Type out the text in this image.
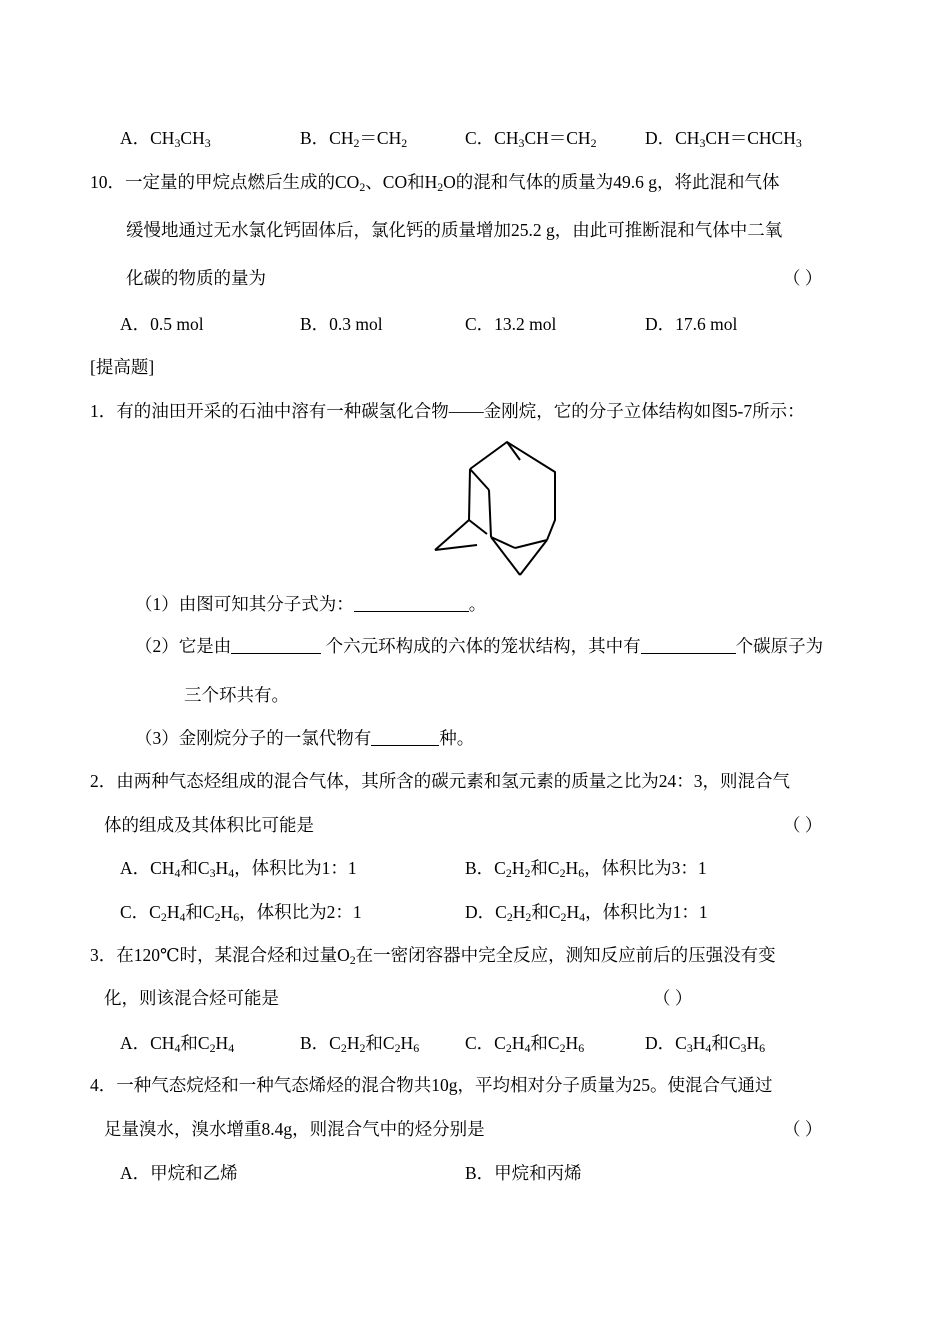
A．$CH_3CH_3$	B．$CH_2=CH_2$	C．$CH_3CH=CH_2$	D．$CH_3CH=CHCH_3$
10．一定量的甲烷点燃后生成的$CO_2$、CO和$H_2O$的混和气体的质量为49.6 g，将此混和气体
缓慢地通过无水氯化钙固体后，氯化钙的质量增加25.2 g，由此可推断混和气体中二氧
化碳的物质的量为	（ ）
A．0.5 mol	B．0.3 mol	C．13.2 mol	D．17.6 mol
[提高题]
1．有的油田开采的石油中溶有一种碳氢化合物——金刚烷，它的分子立体结构如图5-7所示：
（1）由图可知其分子式为：	。
（2）它是由	个六元环构成的六体的笼状结构，其中有	个碳原子为
三个环共有。
（3）金刚烷分子的一氯代物有	种。
2．由两种气态烃组成的混合气体，其所含的碳元素和氢元素的质量之比为24：3，则混合气
体的组成及其体积比可能是	（ ）
A．$CH_4$和$C_3H_4$，体积比为1：1	B．$C_2H_2$和$C_2H_6$，体积比为3：1
C．$C_2H_4$和$C_2H_6$，体积比为2：1	D．$C_2H_2$和$C_2H_4$，体积比为1：1
3．在120℃时，某混合烃和过量$O_2$在一密闭容器中完全反应，测知反应前后的压强没有变
化，则该混合烃可能是	（ ）
A．$CH_4$和$C_2H_4$	B．$C_2H_2$和$C_2H_6$	C．$C_2H_4$和$C_2H_6$	D．$C_3H_4$和$C_3H_6$
4．一种气态烷烃和一种气态烯烃的混合物共10g，平均相对分子质量为25。使混合气通过
足量溴水，溴水增重8.4g，则混合气中的烃分别是	（ ）
A．甲烷和乙烯	B．甲烷和丙烯
